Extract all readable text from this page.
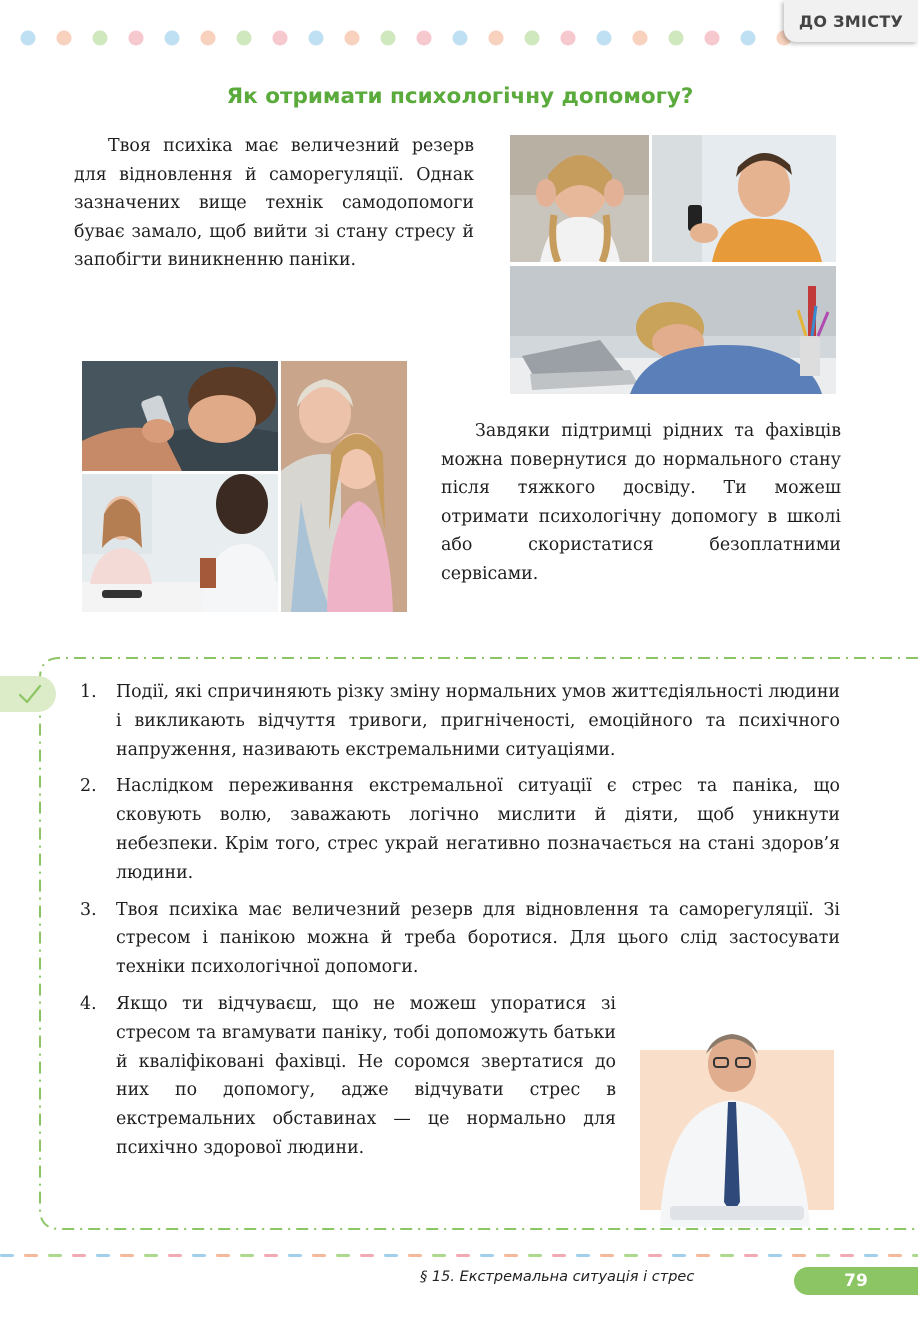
ДО ЗМІСТУ
Як отримати психологічну допомогу?

Твоя психіка має величезний резерв для відновлення й саморегуляції. Однак зазначених вище технік самодопомоги буває замало, щоб вийти зі стану стресу й запобігти виникненню паніки.

Завдяки підтримці рідних та фахівців можна повернутися до нормального стану після тяжкого досвіду. Ти можеш отримати психологічну допомогу в школі або скористатися безоплатними сервісами.

1. Події, які спричиняють різку зміну нормальних умов життєдіяльності людини і викликають відчуття тривоги, пригніченості, емоційного та психічного напруження, називають екстремальними ситуаціями.
2. Наслідком переживання екстремальної ситуації є стрес та паніка, що сковують волю, заважають логічно мислити й діяти, щоб уникнути небезпеки. Крім того, стрес украй негативно позначається на стані здоров’я людини.
3. Твоя психіка має величезний резерв для відновлення та саморегуляції. Зі стресом і панікою можна й треба боротися. Для цього слід застосувати техніки психологічної допомоги.
4. Якщо ти відчуваєш, що не можеш упоратися зі стресом та вгамувати паніку, тобі допоможуть батьки й кваліфіковані фахівці. Не соромся звертатися до них по допомогу, адже відчувати стрес в екстремальних обставинах — це нормально для психічно здорової людини.
§ 15. Екстремальна ситуація і стрес	79
